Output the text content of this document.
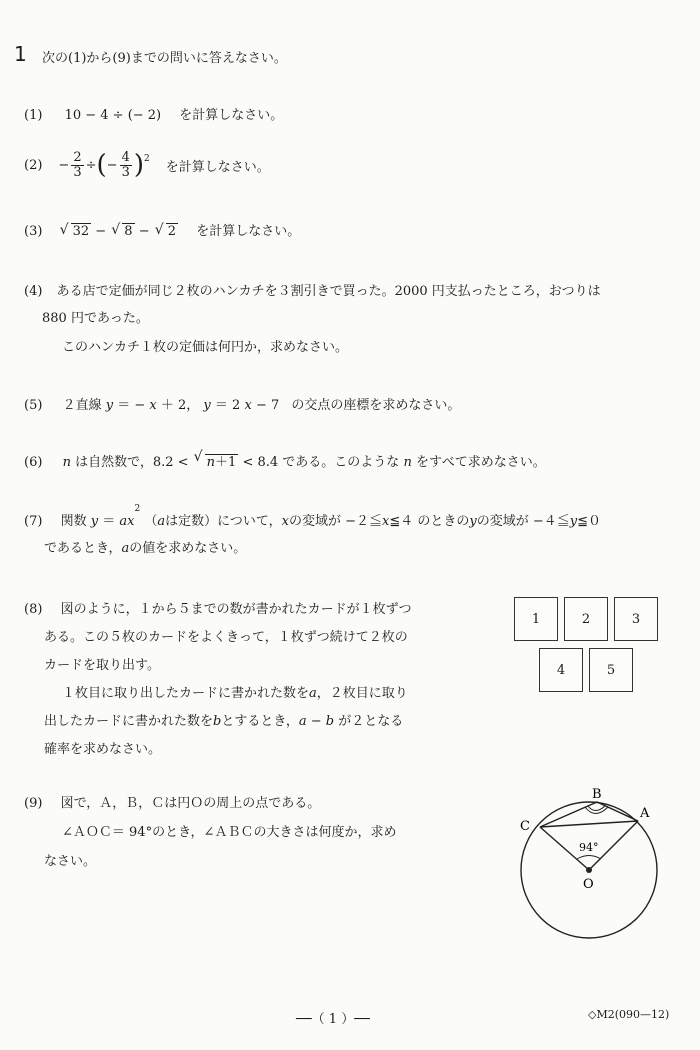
1 次の(1)から(9)までの問いに答えなさい。
(1) 10 − 4 ÷ (− 2) を計算しなさい。
$(2) - \frac{2}{3}$ ÷ ( − $\frac{4}{3}$ ) 2
を計算しなさい。
(3) √ 32 − √ 8 − √ 2 を計算しなさい。
(4) ある店で定価が同じ２枚のハンカチを３割引きで買った。2000 円支払ったところ，おつりは
880 円であった。
このハンカチ１枚の定価は何円か，求めなさい。
(5) ２直線 y ＝ − x ＋ 2， y ＝ 2 x − 7 の交点の座標を求めなさい。
(6) n は自然数で，8.2 < √ n＋1 < 8.4 である。このような n をすべて求めなさい。
(7) 関数 $y = ax^2$ （aは定数）について，xの変域が −２≦x≦４ のときのyの変域が −４≦y≦０
であるとき，aの値を求めなさい。
(8) 図のように，１から５までの数が書かれたカードが１枚ずつ
ある。この５枚のカードをよくきって，１枚ずつ続けて２枚の
カードを取り出す。
１枚目に取り出したカードに書かれた数をa，２枚目に取り
出したカードに書かれた数をbとするとき，a − b が２となる
確率を求めなさい。
1	2	3
4	5
(9) 図で，Ａ，Ｂ，Ｃは円Ｏの周上の点である。
∠ＡＯＣ＝ 94°のとき，∠ＡＢＣの大きさは何度か，求め
なさい。
B
A
C
O
94°
──（ 1 ）──	◇M2(090—12)
